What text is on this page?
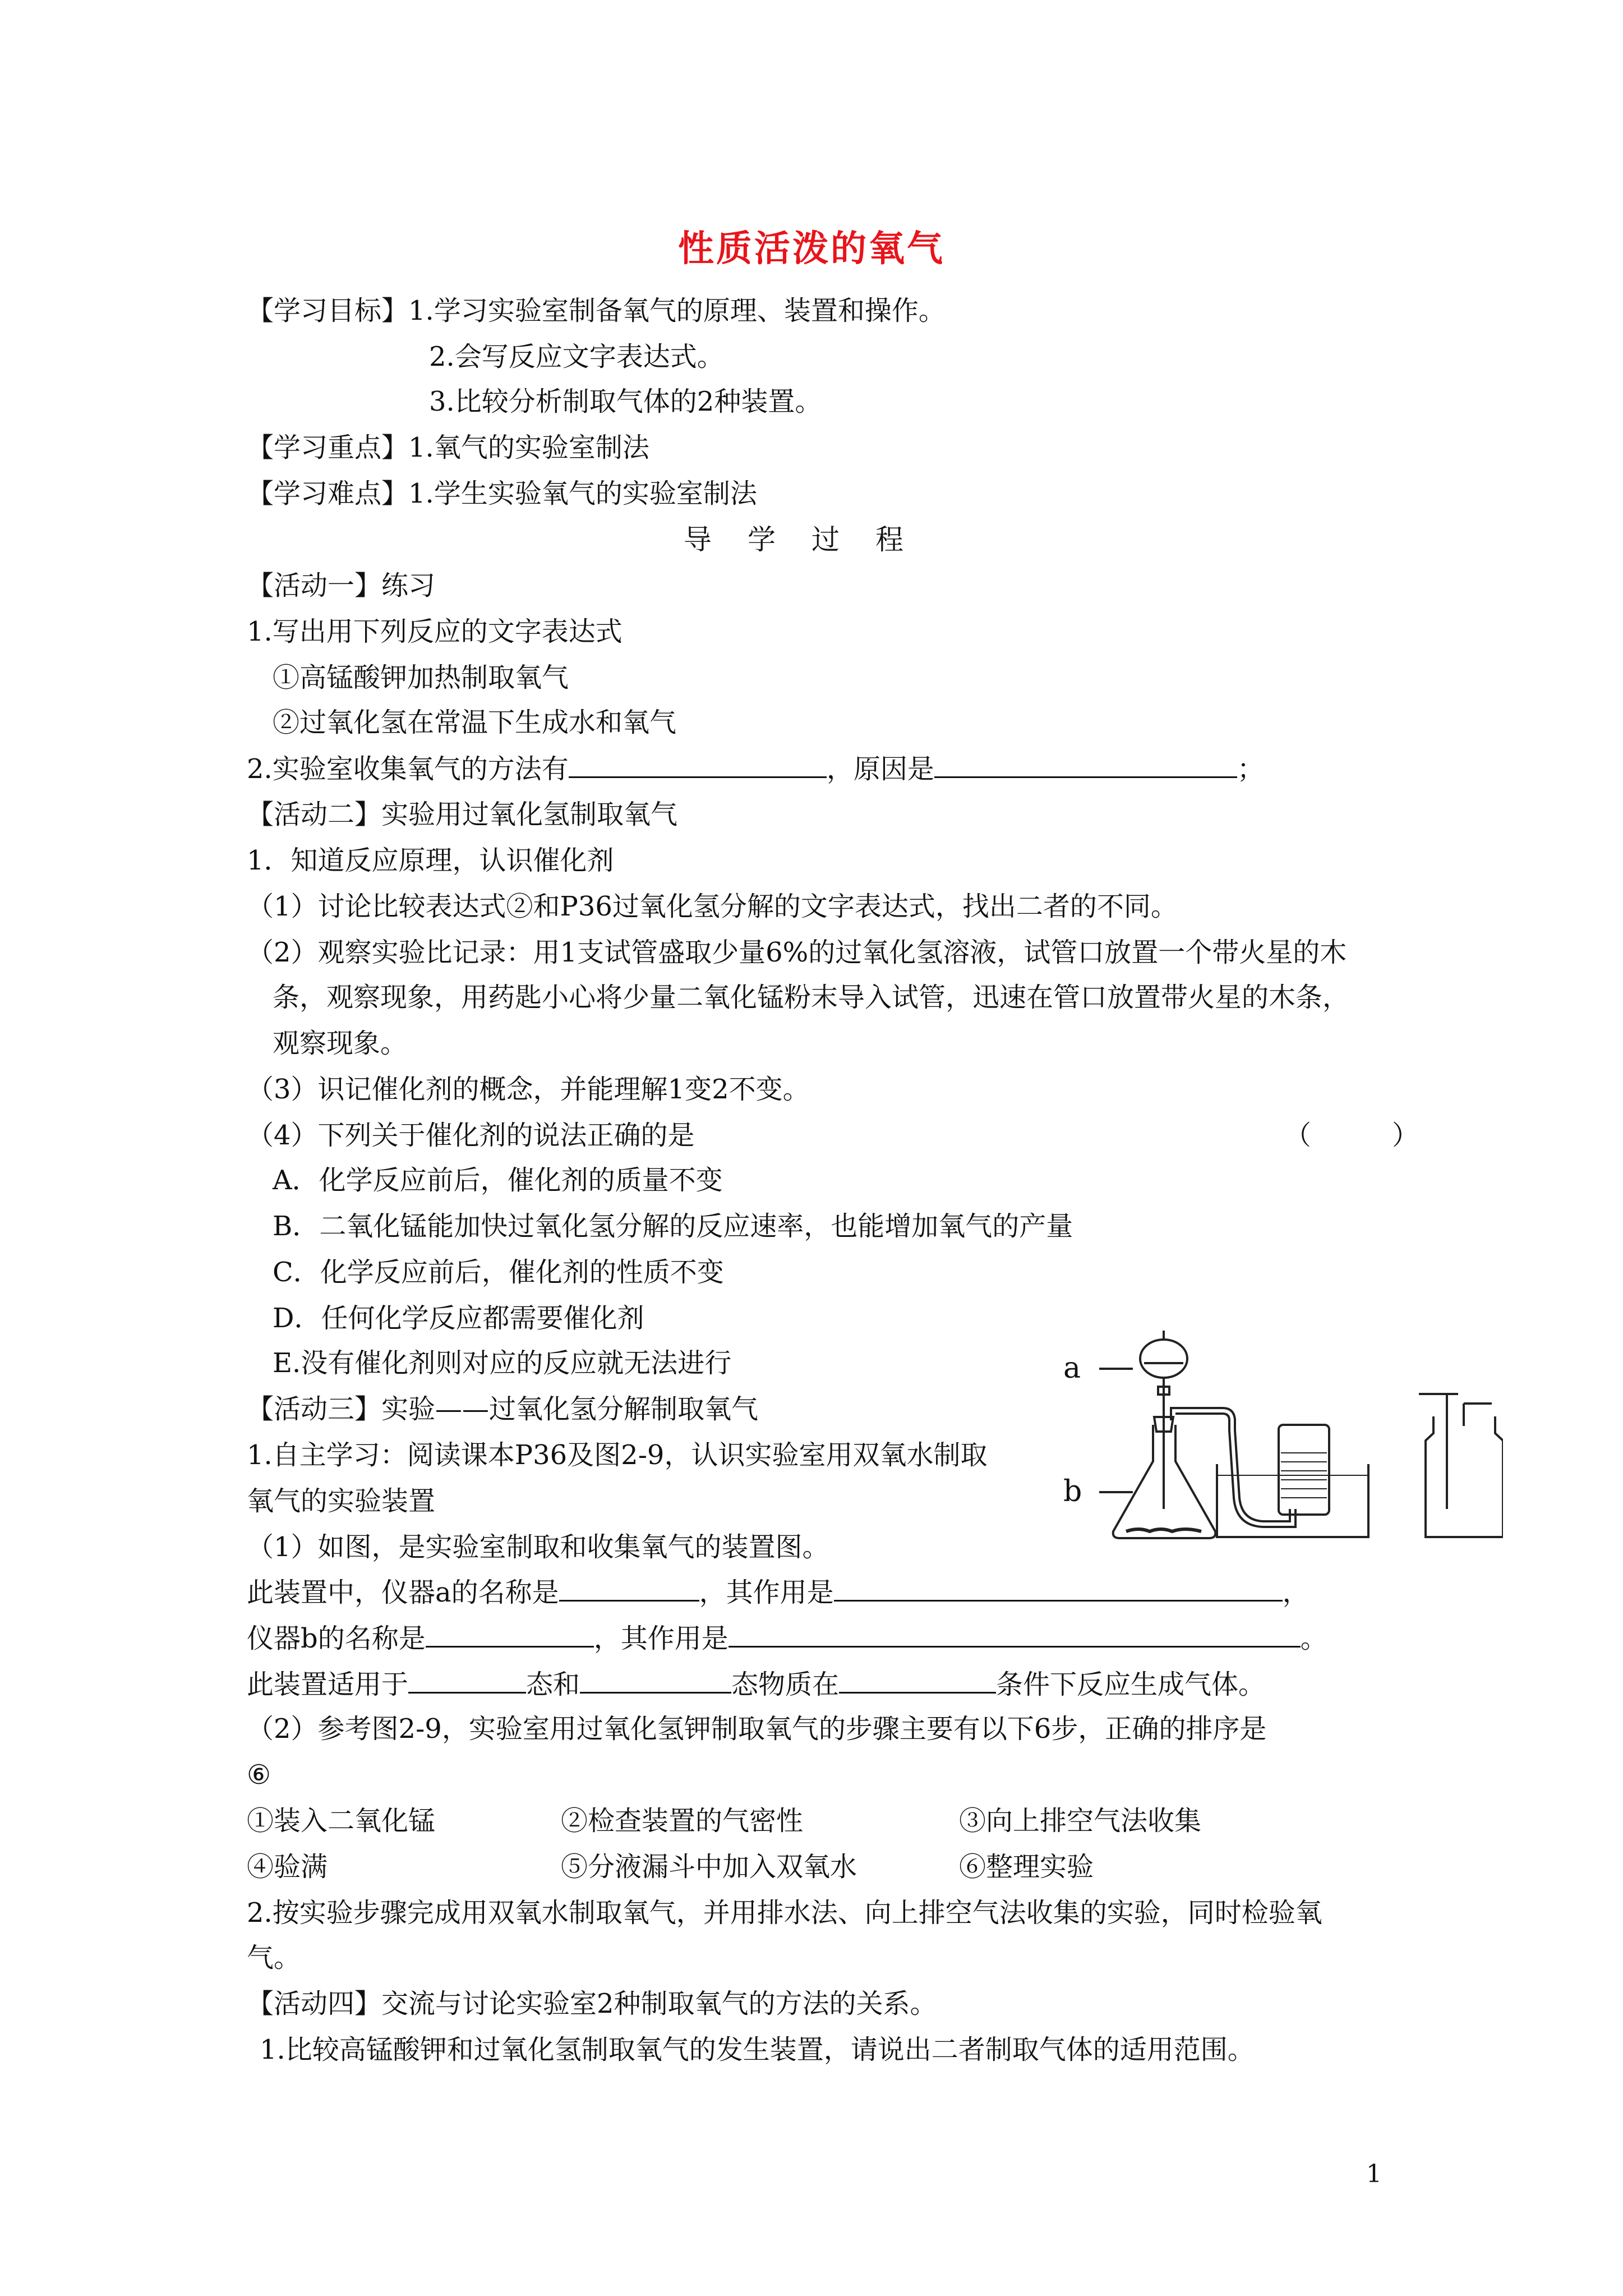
性质活泼的氧气
【学习目标】1.学习实验室制备氧气的原理、装置和操作。
2.会写反应文字表达式。
3.比较分析制取气体的2种装置。
【学习重点】1.氧气的实验室制法
【学习难点】1.学生实验氧气的实验室制法
导学过程
【活动一】练习
1.写出用下列反应的文字表达式
①高锰酸钾加热制取氧气
②过氧化氢在常温下生成水和氧气
2.实验室收集氧气的方法有	，原因是	；
【活动二】实验用过氧化氢制取氧气
1．知道反应原理，认识催化剂
（1）讨论比较表达式②和P36过氧化氢分解的文字表达式，找出二者的不同。
（2）观察实验比记录：用1支试管盛取少量6%的过氧化氢溶液，试管口放置一个带火星的木
条，观察现象，用药匙小心将少量二氧化锰粉末导入试管，迅速在管口放置带火星的木条，
观察现象。
（3）识记催化剂的概念，并能理解1变2不变。
（4）下列关于催化剂的说法正确的是	（　　　）
A．化学反应前后，催化剂的质量不变
B．二氧化锰能加快过氧化氢分解的反应速率，也能增加氧气的产量
C．化学反应前后，催化剂的性质不变
D．任何化学反应都需要催化剂
E.没有催化剂则对应的反应就无法进行
【活动三】实验——过氧化氢分解制取氧气
1.自主学习：阅读课本P36及图2-9，认识实验室用双氧水制取
氧气的实验装置
（1）如图，是实验室制取和收集氧气的装置图。
此装置中，仪器a的名称是	，其作用是	，
仪器b的名称是	，其作用是	。
此装置适用于	态和	态物质在	条件下反应生成气体。
（2）参考图2-9，实验室用过氧化氢钾制取氧气的步骤主要有以下6步，正确的排序是
⑥
①装入二氧化锰	②检查装置的气密性	③向上排空气法收集
④验满	⑤分液漏斗中加入双氧水	⑥整理实验
2.按实验步骤完成用双氧水制取氧气，并用排水法、向上排空气法收集的实验，同时检验氧
气。
【活动四】交流与讨论实验室2种制取氧气的方法的关系。
1.比较高锰酸钾和过氧化氢制取氧气的发生装置，请说出二者制取气体的适用范围。
a
b
1
